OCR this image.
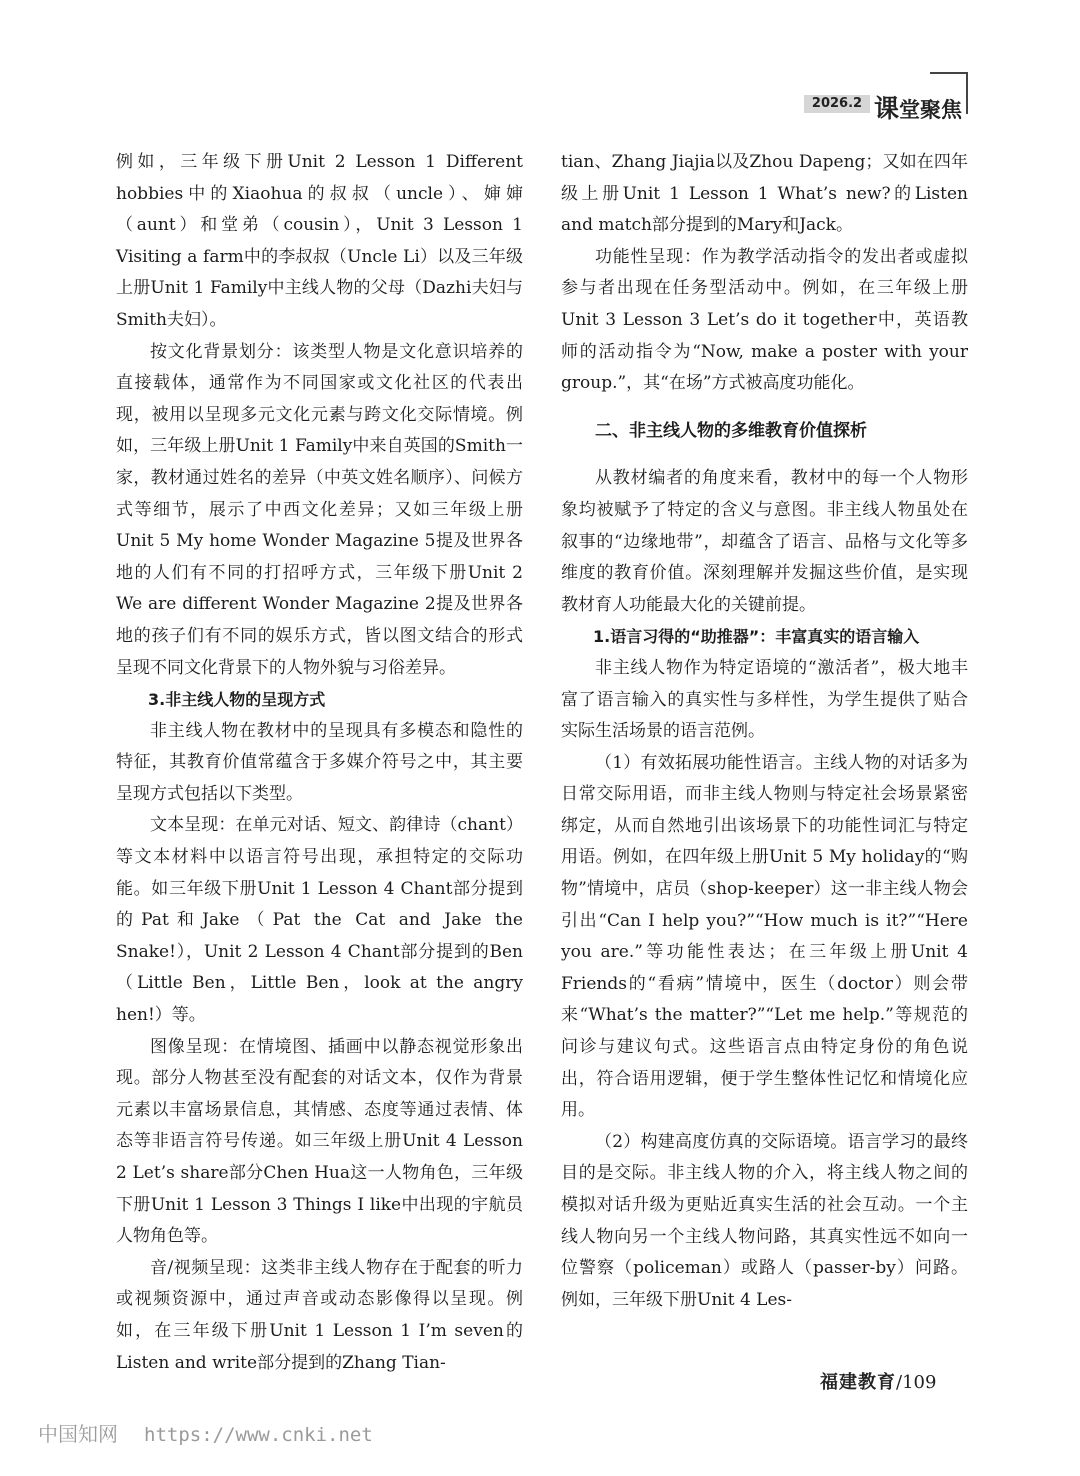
2026.2 课堂聚焦

例如，三年级下册Unit 2 Lesson 1 Different hobbies中的Xiaohua的叔叔（uncle）、婶婶（aunt）和堂弟（cousin），Unit 3 Lesson 1 Visiting a farm中的李叔叔（Uncle Li）以及三年级上册Unit 1 Family中主线人物的父母（Dazhi夫妇与Smith夫妇）。

按文化背景划分：该类型人物是文化意识培养的直接载体，通常作为不同国家或文化社区的代表出现，被用以呈现多元文化元素与跨文化交际情境。例如，三年级上册Unit 1 Family中来自英国的Smith一家，教材通过姓名的差异（中英文姓名顺序）、问候方式等细节，展示了中西文化差异；又如三年级上册Unit 5 My home Wonder Magazine 5提及世界各地的人们有不同的打招呼方式，三年级下册Unit 2 We are different Wonder Magazine 2提及世界各地的孩子们有不同的娱乐方式，皆以图文结合的形式呈现不同文化背景下的人物外貌与习俗差异。

3.非主线人物的呈现方式

非主线人物在教材中的呈现具有多模态和隐性的特征，其教育价值常蕴含于多媒介符号之中，其主要呈现方式包括以下类型。

文本呈现：在单元对话、短文、韵律诗（chant）等文本材料中以语言符号出现，承担特定的交际功能。如三年级下册Unit 1 Lesson 4 Chant部分提到的Pat和Jake（Pat the Cat and Jake the Snake!），Unit 2 Lesson 4 Chant部分提到的Ben（Little Ben，Little Ben，look at the angry hen!）等。

图像呈现：在情境图、插画中以静态视觉形象出现。部分人物甚至没有配套的对话文本，仅作为背景元素以丰富场景信息，其情感、态度等通过表情、体态等非语言符号传递。如三年级上册Unit 4 Lesson 2 Let’s share部分Chen Hua这一人物角色，三年级下册Unit 1 Lesson 3 Things I like中出现的宇航员人物角色等。

音/视频呈现：这类非主线人物存在于配套的听力或视频资源中，通过声音或动态影像得以呈现。例如，在三年级下册Unit 1 Lesson 1 I’m seven的Listen and write部分提到的Zhang Tian-

tian、Zhang Jiajia以及Zhou Dapeng；又如在四年级上册Unit 1 Lesson 1 What’s new?的Listen and match部分提到的Mary和Jack。

功能性呈现：作为教学活动指令的发出者或虚拟参与者出现在任务型活动中。例如，在三年级上册Unit 3 Lesson 3 Let’s do it together中，英语教师的活动指令为“Now, make a poster with your group.”，其“在场”方式被高度功能化。

二、非主线人物的多维教育价值探析

从教材编者的角度来看，教材中的每一个人物形象均被赋予了特定的含义与意图。非主线人物虽处在叙事的“边缘地带”，却蕴含了语言、品格与文化等多维度的教育价值。深刻理解并发掘这些价值，是实现教材育人功能最大化的关键前提。

1.语言习得的“助推器”：丰富真实的语言输入

非主线人物作为特定语境的“激活者”，极大地丰富了语言输入的真实性与多样性，为学生提供了贴合实际生活场景的语言范例。

（1）有效拓展功能性语言。主线人物的对话多为日常交际用语，而非主线人物则与特定社会场景紧密绑定，从而自然地引出该场景下的功能性词汇与特定用语。例如，在四年级上册Unit 5 My holiday的“购物”情境中，店员（shop-keeper）这一非主线人物会引出“Can I help you?”“How much is it?”“Here you are.”等功能性表达；在三年级上册Unit 4 Friends的“看病”情境中，医生（doctor）则会带来“What’s the matter?”“Let me help.”等规范的问诊与建议句式。这些语言点由特定身份的角色说出，符合语用逻辑，便于学生整体性记忆和情境化应用。

（2）构建高度仿真的交际语境。语言学习的最终目的是交际。非主线人物的介入，将主线人物之间的模拟对话升级为更贴近真实生活的社会互动。一个主线人物向另一个主线人物问路，其真实性远不如向一位警察（policeman）或路人（passer-by）问路。例如，三年级下册Unit 4 Les-

福建教育/109
中国知网 https://www.cnki.net
